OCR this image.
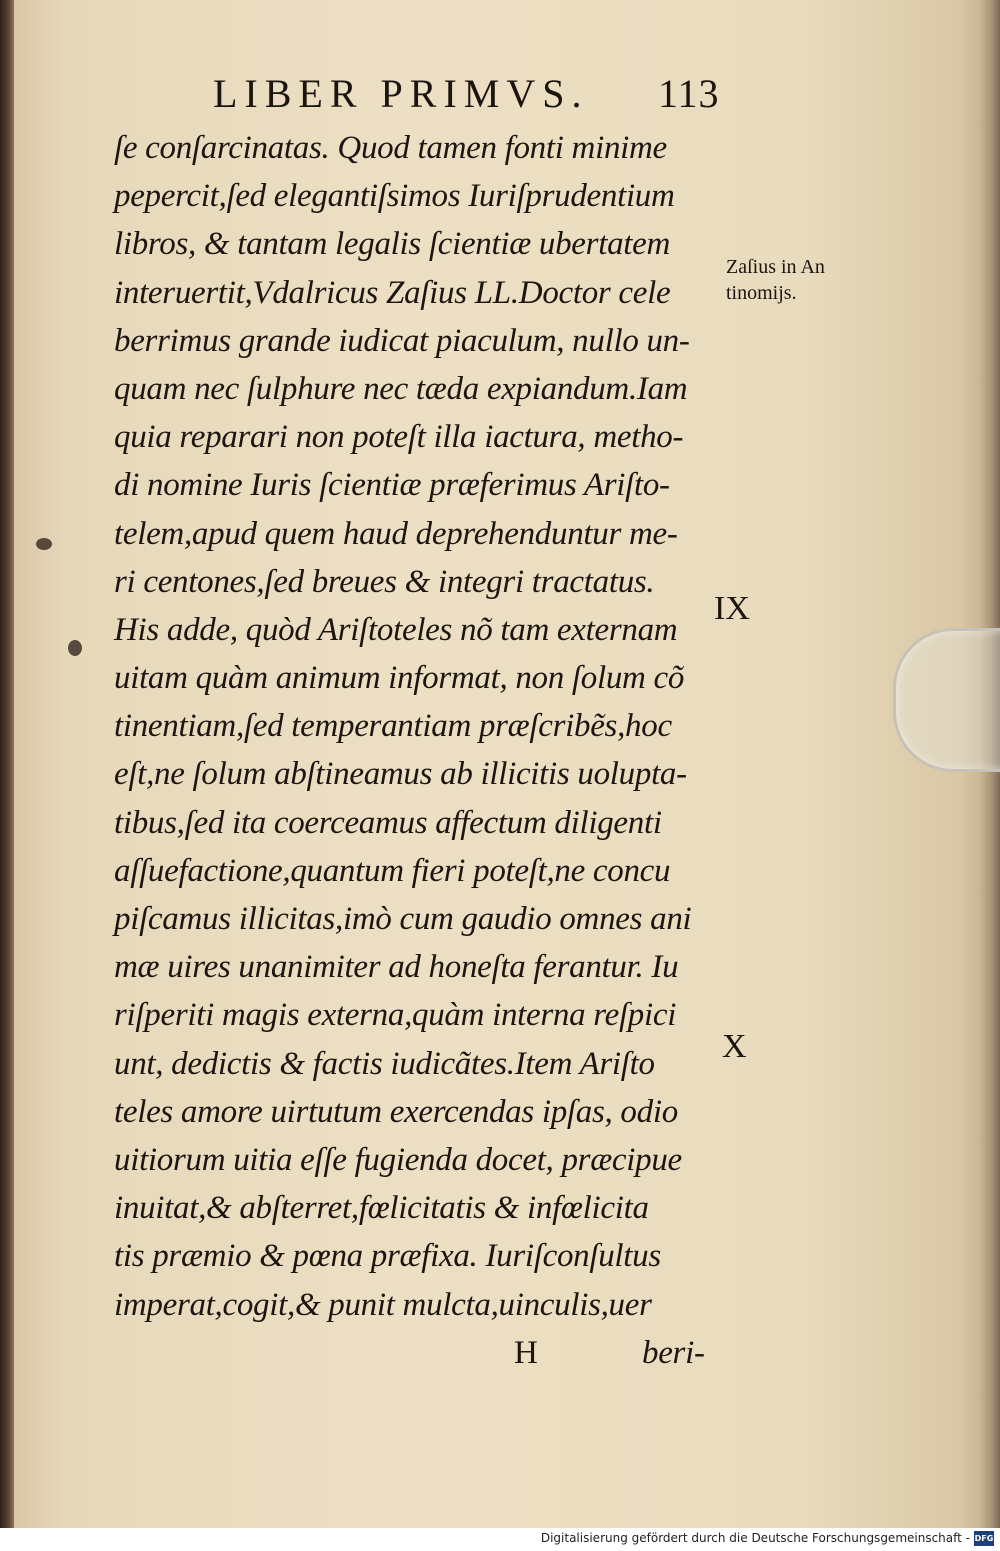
LIBER PRIMVS. 113
ſe conſarcinatas. Quod tamen fonti minime
pepercit,ſed elegantiſsimos Iuriſprudentium
libros, & tantam legalis ſcientiæ ubertatem
interuertit,Vdalricus Zaſius LL.Doctor cele
berrimus grande iudicat piaculum, nullo un-
quam nec ſulphure nec tæda expiandum.Iam
quia reparari non poteſt illa iactura, metho-
di nomine Iuris ſcientiæ præferimus Ariſto-
telem,apud quem haud deprehenduntur me-
ri centones,ſed breues & integri tractatus.
His adde, quòd Ariſtoteles nõ tam externam
uitam quàm animum informat, non ſolum cõ
tinentiam,ſed temperantiam præſcribẽs,hoc
eſt,ne ſolum abſtineamus ab illicitis uolupta-
tibus,ſed ita coerceamus affectum diligenti
aſſuefactione,quantum fieri poteſt,ne concu
piſcamus illicitas,imò cum gaudio omnes ani
mæ uires unanimiter ad honeſta ferantur. Iu
riſperiti magis externa,quàm interna reſpici
unt, dedictis & factis iudicãtes.Item Ariſto
teles amore uirtutum exercendas ipſas, odio
uitiorum uitia eſſe fugienda docet, præcipue
inuitat,& abſterret,fœlicitatis & infœlicita
tis præmio & pœna præfixa. Iuriſconſultus
imperat,cogit,& punit mulcta,uinculis,uer
H	beri-
Zaſius in An
tinomijs.
IX
X
Digitalisierung gefördert durch die Deutsche Forschungsgemeinschaft - DFG
